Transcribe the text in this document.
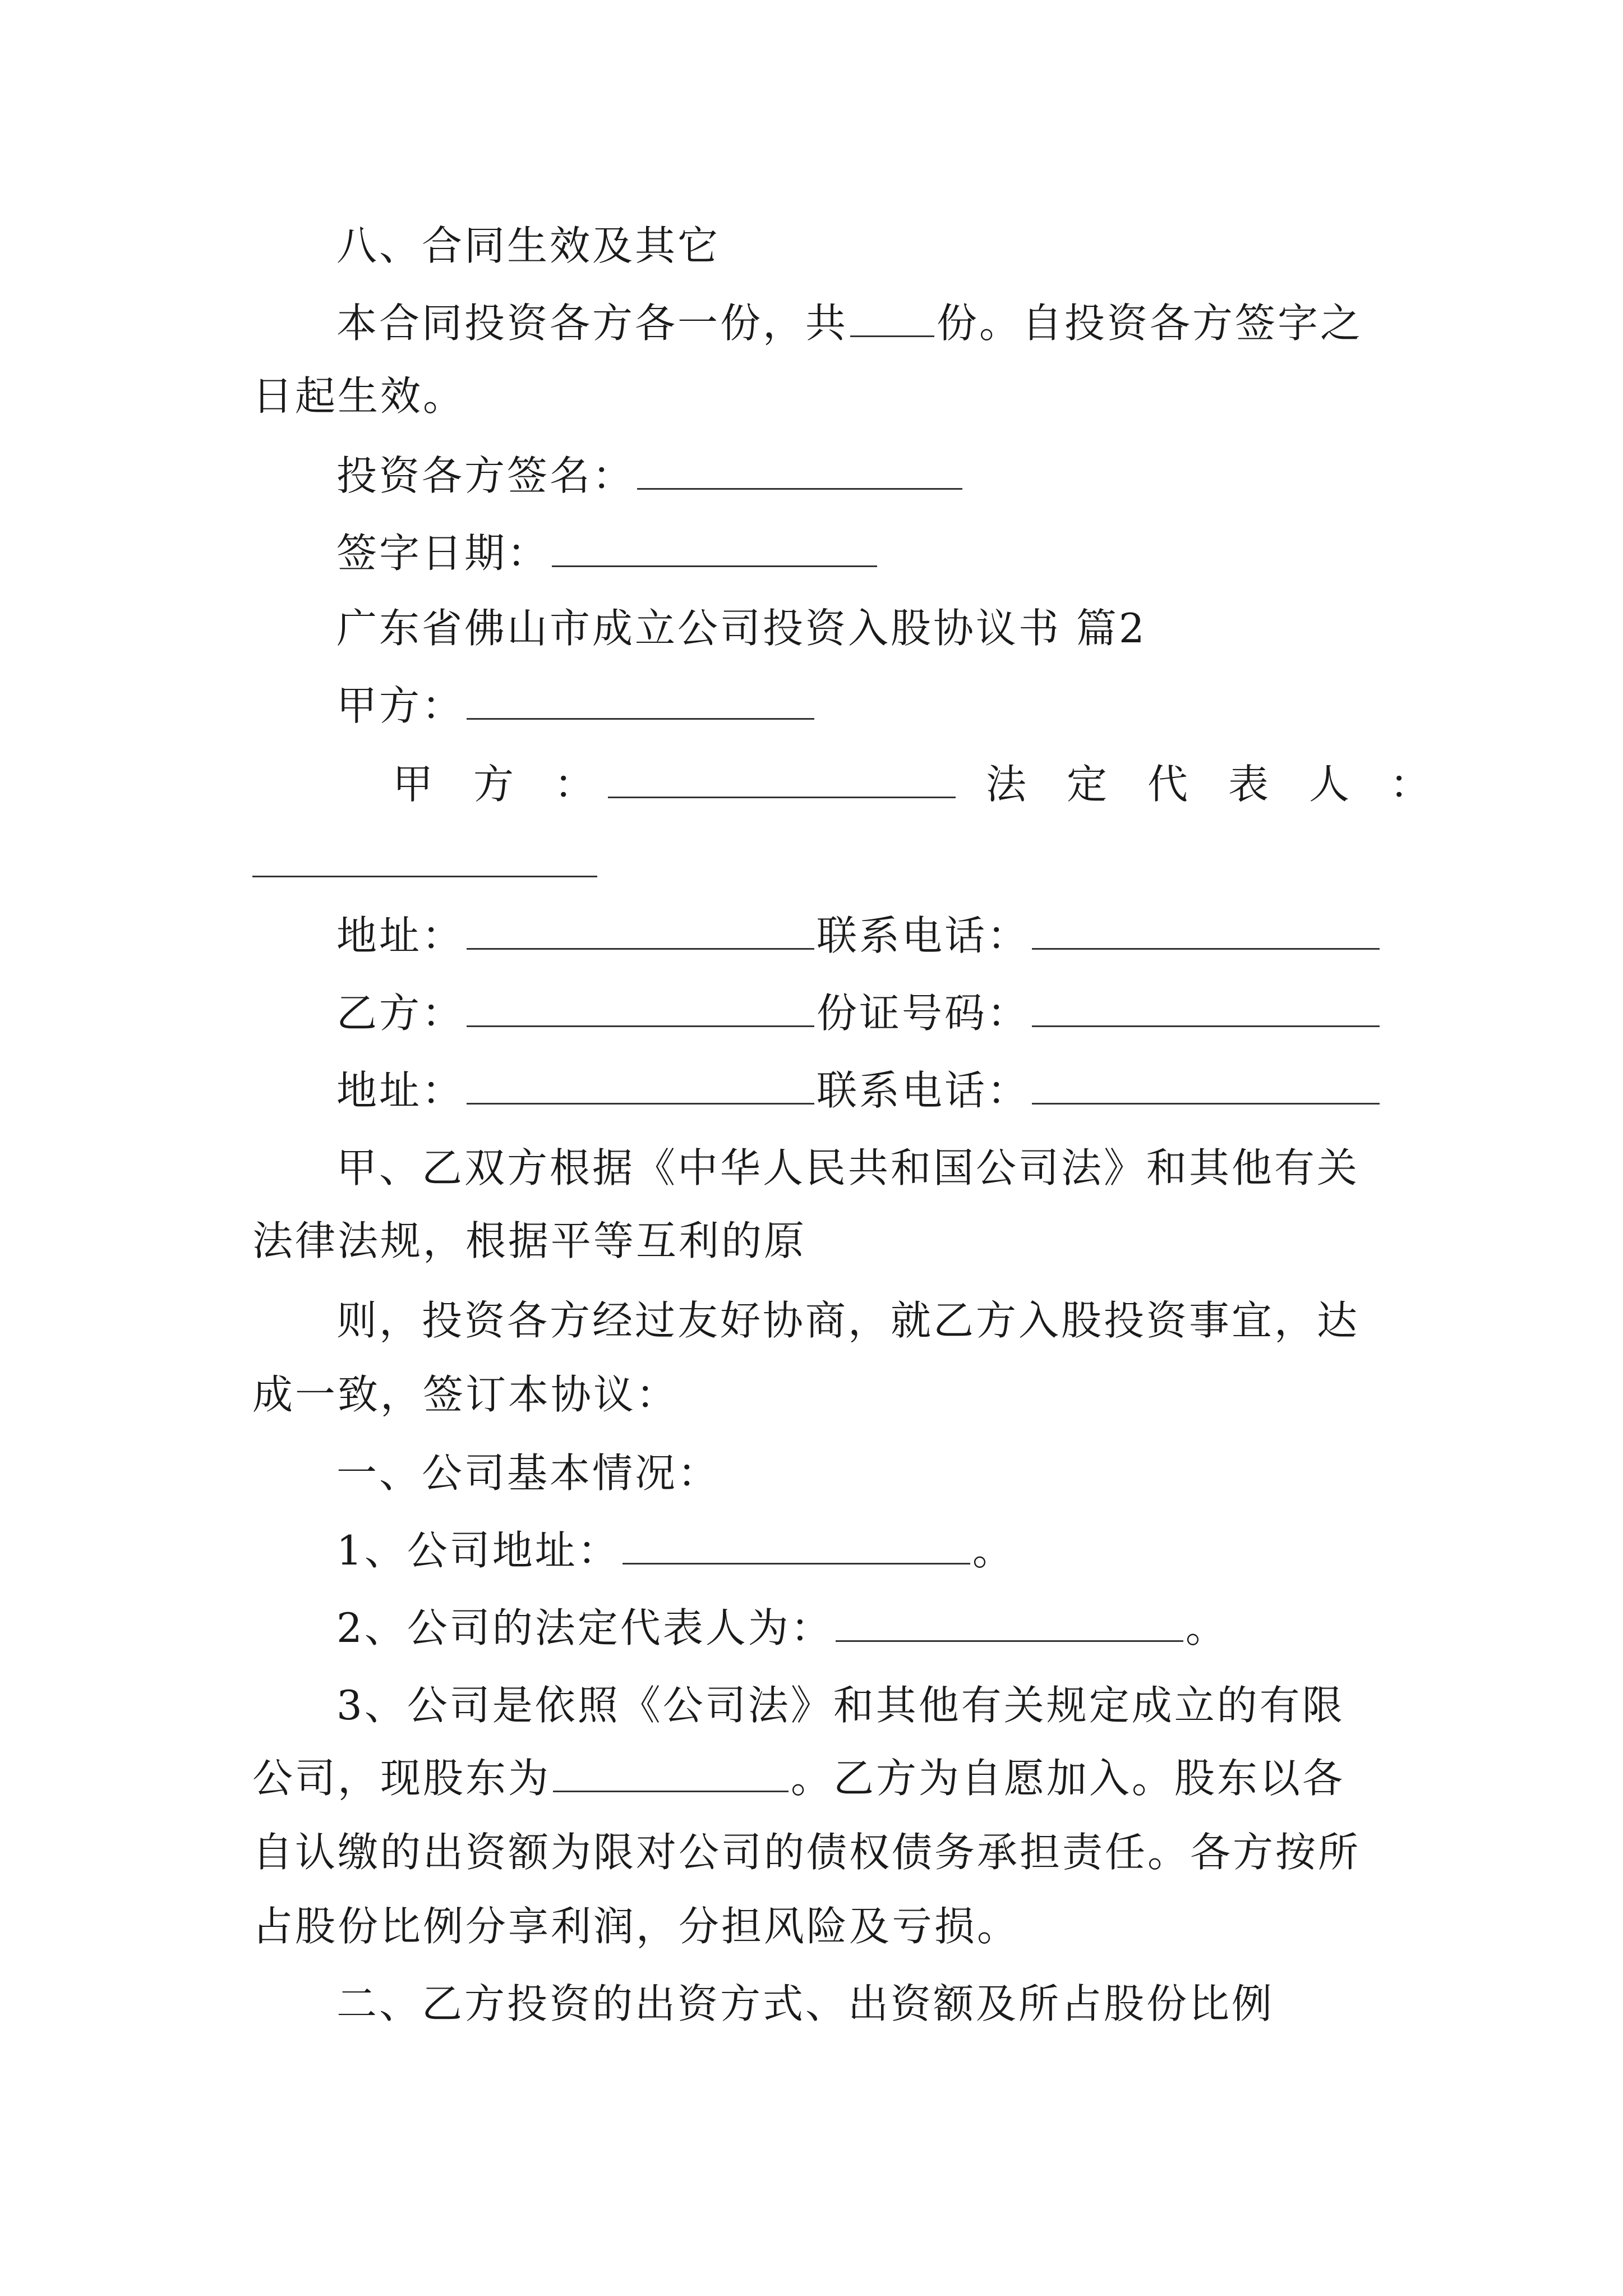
八、合同生效及其它
本合同投资各方各一份，共 份。自投资各方签字之
日起生效。
投资各方签名：
签字日期：
广东省佛山市成立公司投资入股协议书 篇2
甲方：
甲　方　：	法　定　代　表　人　：
地址：	联系电话：
乙方：	份证号码：
地址：	联系电话：
甲、乙双方根据《中华人民共和国公司法》和其他有关
法律法规，根据平等互利的原
则，投资各方经过友好协商，就乙方入股投资事宜，达
成一致，签订本协议：
一、公司基本情况：
1、公司地址：	。
2、公司的法定代表人为：	。
3、公司是依照《公司法》和其他有关规定成立的有限
公司，现股东为	。乙方为自愿加入。股东以各
自认缴的出资额为限对公司的债权债务承担责任。各方按所
占股份比例分享利润，分担风险及亏损。
二、乙方投资的出资方式、出资额及所占股份比例
